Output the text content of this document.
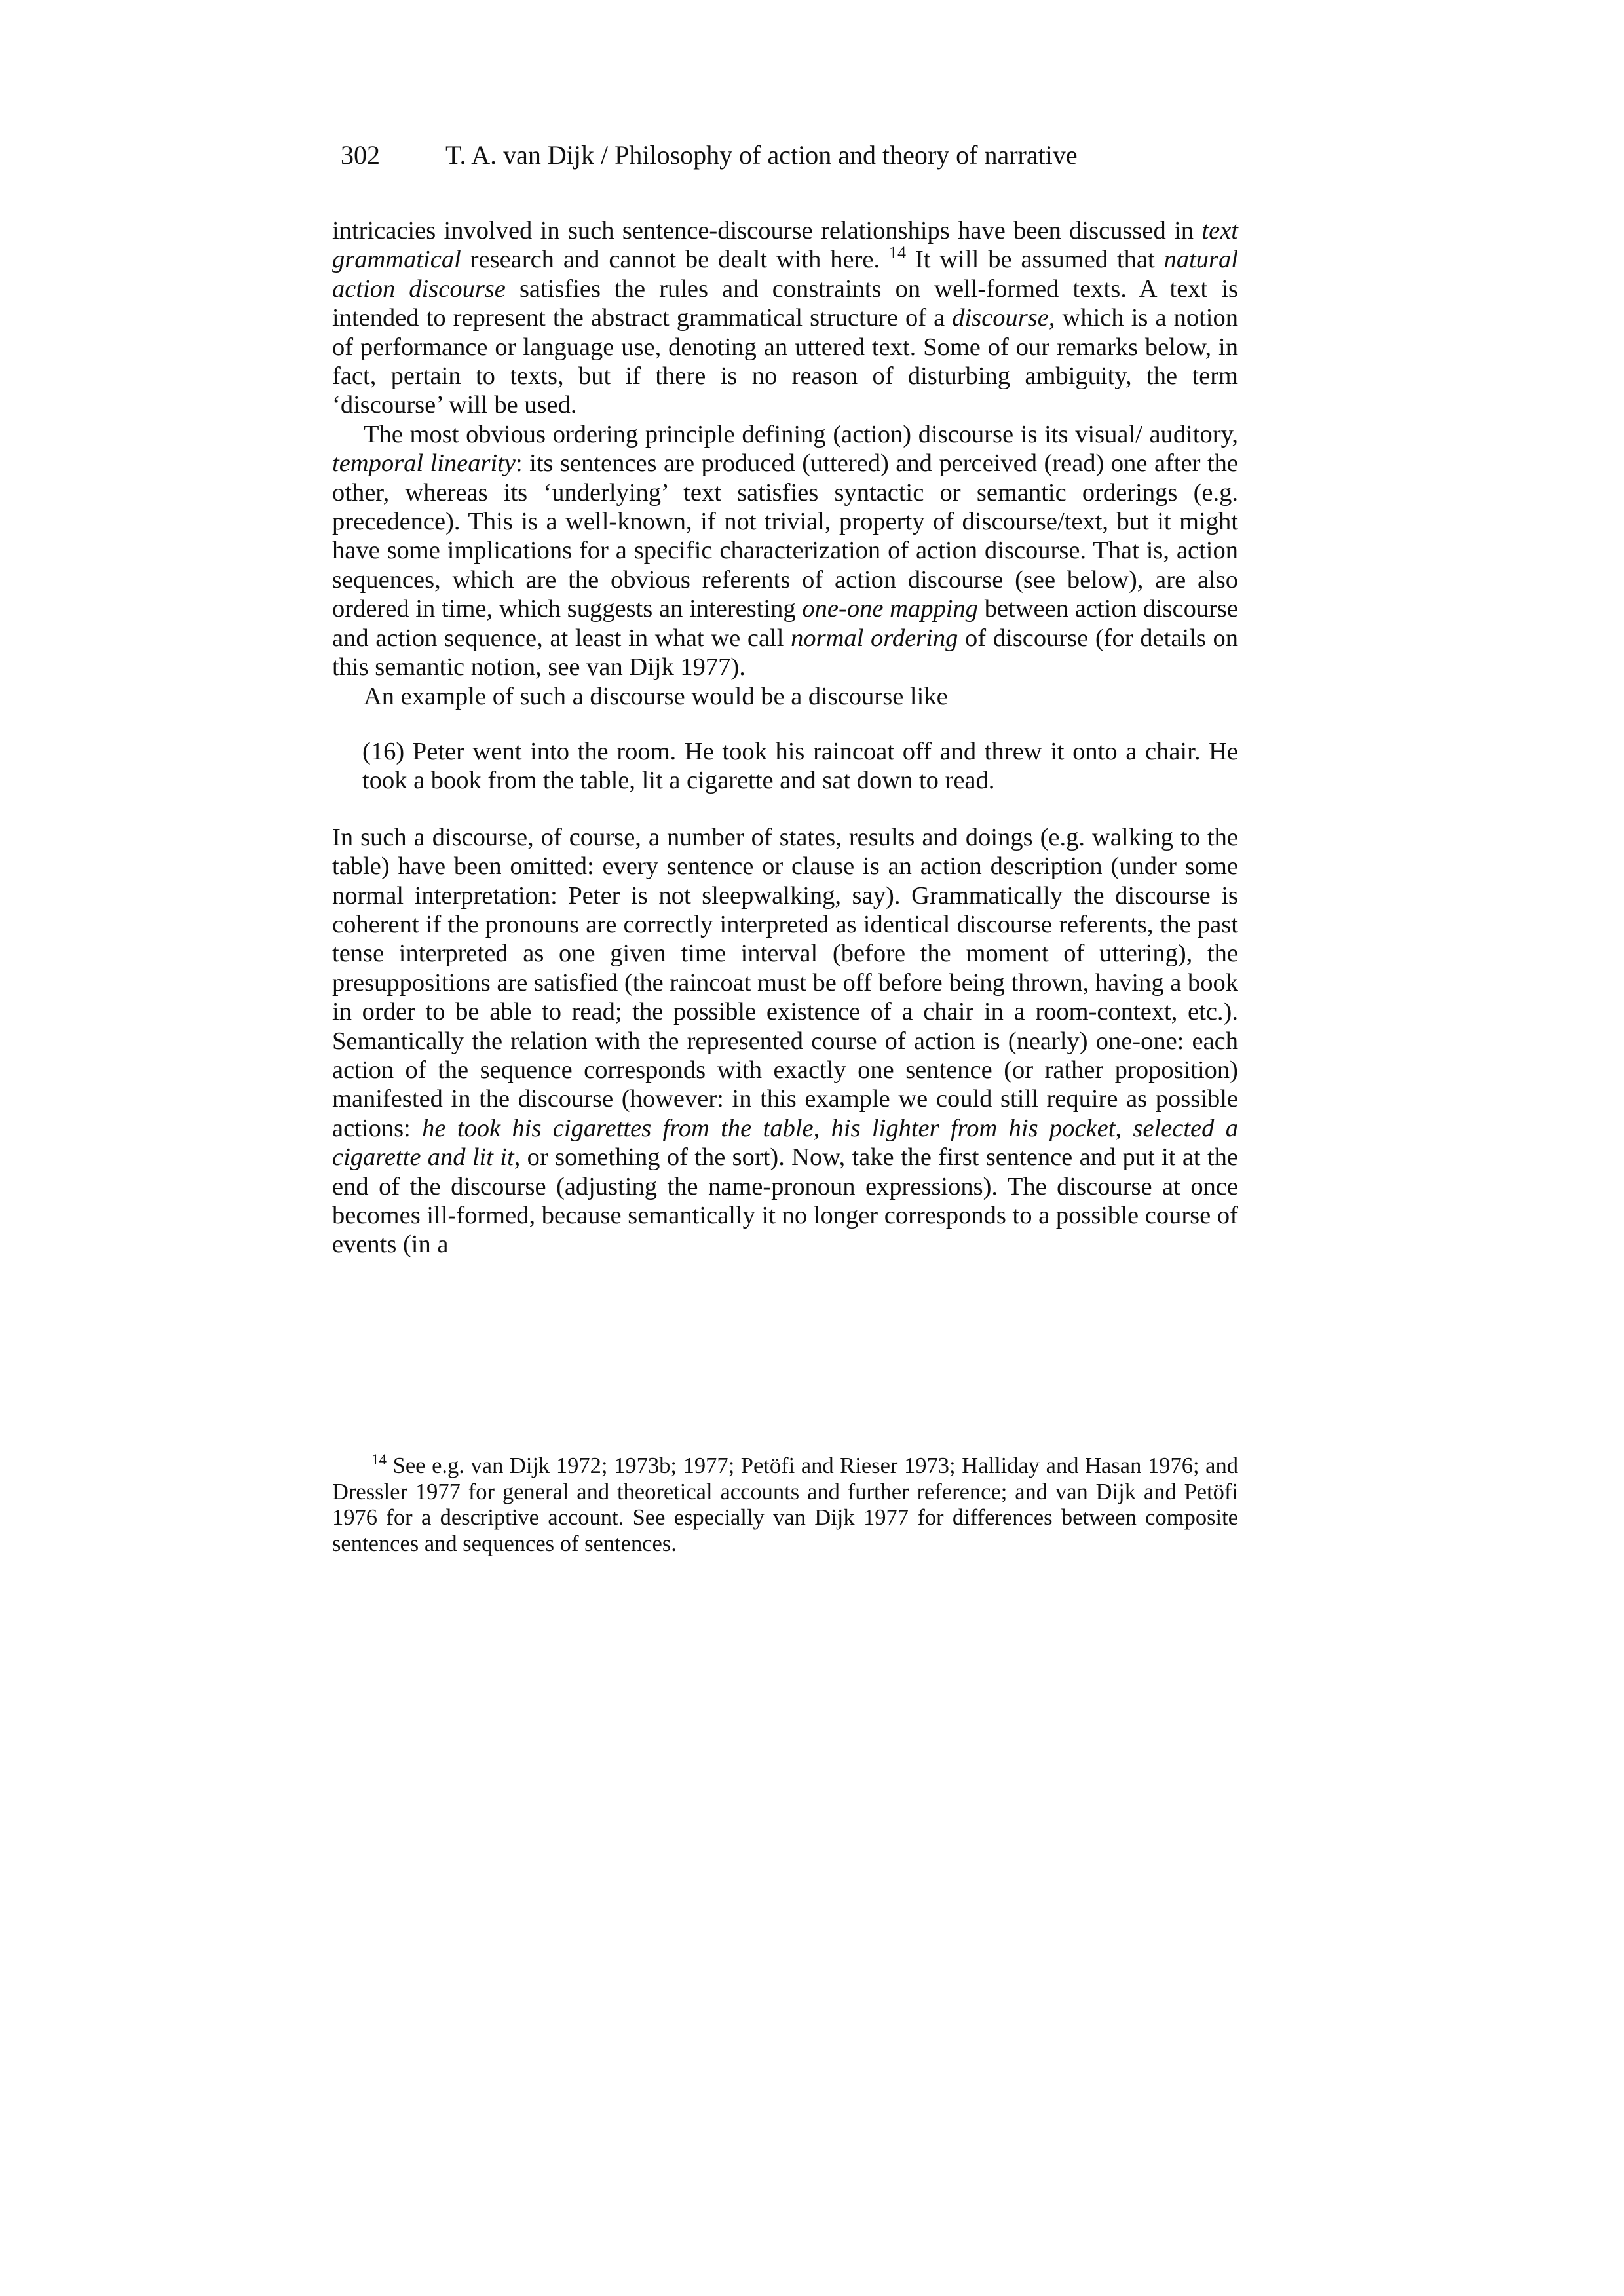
302	T. A. van Dijk / Philosophy of action and theory of narrative

intricacies involved in such sentence-discourse relationships have been discussed in text grammatical research and cannot be dealt with here. $^{14}$ It will be assumed that natural action discourse satisfies the rules and constraints on well-formed texts. A text is intended to represent the abstract grammatical structure of a discourse, which is a notion of performance or language use, denoting an uttered text. Some of our remarks below, in fact, pertain to texts, but if there is no reason of disturbing ambiguity, the term ‘discourse’ will be used.

The most obvious ordering principle defining (action) discourse is its visual/ auditory, temporal linearity: its sentences are produced (uttered) and perceived (read) one after the other, whereas its ‘underlying’ text satisfies syntactic or semantic orderings (e.g. precedence). This is a well-known, if not trivial, property of discourse/text, but it might have some implications for a specific characterization of action discourse. That is, action sequences, which are the obvious referents of action discourse (see below), are also ordered in time, which suggests an interesting one-one mapping between action discourse and action sequence, at least in what we call normal ordering of discourse (for details on this semantic notion, see van Dijk 1977).

An example of such a discourse would be a discourse like

(16) Peter went into the room. He took his raincoat off and threw it onto a chair. He took a book from the table, lit a cigarette and sat down to read.

In such a discourse, of course, a number of states, results and doings (e.g. walking to the table) have been omitted: every sentence or clause is an action description (under some normal interpretation: Peter is not sleepwalking, say). Grammatically the discourse is coherent if the pronouns are correctly interpreted as identical discourse referents, the past tense interpreted as one given time interval (before the moment of uttering), the presuppositions are satisfied (the raincoat must be off before being thrown, having a book in order to be able to read; the possible existence of a chair in a room-context, etc.). Semantically the relation with the represented course of action is (nearly) one-one: each action of the sequence corresponds with exactly one sentence (or rather proposition) manifested in the discourse (however: in this example we could still require as possible actions: he took his cigarettes from the table, his lighter from his pocket, selected a cigarette and lit it, or something of the sort). Now, take the first sentence and put it at the end of the discourse (adjusting the name-pronoun expressions). The discourse at once becomes ill-formed, because semantically it no longer corresponds to a possible course of events (in a

$^{14}$ See e.g. van Dijk 1972; 1973b; 1977; Petöfi and Rieser 1973; Halliday and Hasan 1976; and Dressler 1977 for general and theoretical accounts and further reference; and van Dijk and Petöfi 1976 for a descriptive account. See especially van Dijk 1977 for differences between composite sentences and sequences of sentences.
